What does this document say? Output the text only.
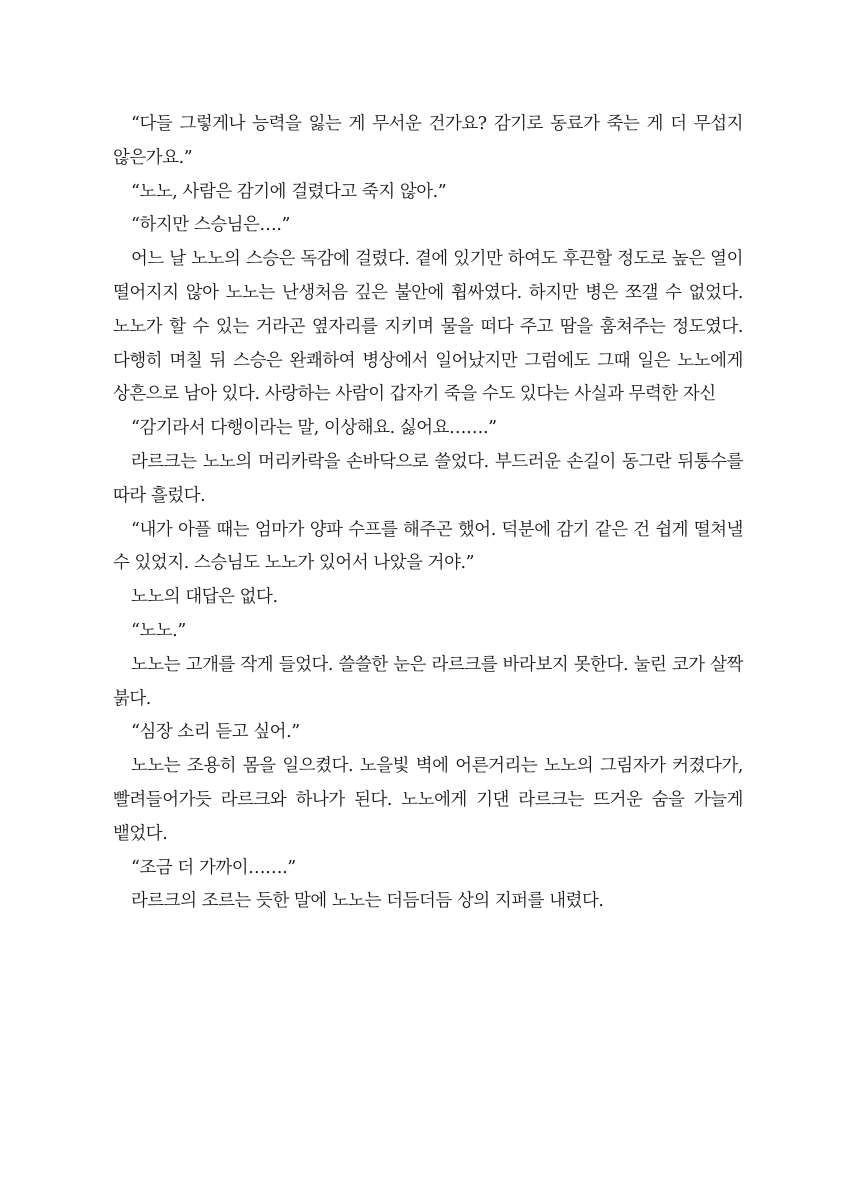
“다들 그렇게나 능력을 잃는 게 무서운 건가요? 감기로 동료가 죽는 게 더 무섭지 않은가요.”

“노노, 사람은 감기에 걸렸다고 죽지 않아.”

“하지만 스승님은….”

어느 날 노노의 스승은 독감에 걸렸다. 곁에 있기만 하여도 후끈할 정도로 높은 열이 떨어지지 않아 노노는 난생처음 깊은 불안에 휩싸였다. 하지만 병은 쪼갤 수 없었다. 노노가 할 수 있는 거라곤 옆자리를 지키며 물을 떠다 주고 땀을 훔쳐주는 정도였다. 다행히 며칠 뒤 스승은 완쾌하여 병상에서 일어났지만 그럼에도 그때 일은 노노에게 상흔으로 남아 있다. 사랑하는 사람이 갑자기 죽을 수도 있다는 사실과 무력한 자신

“감기라서 다행이라는 말, 이상해요. 싫어요…….”

라르크는 노노의 머리카락을 손바닥으로 쓸었다. 부드러운 손길이 동그란 뒤통수를 따라 흘렀다.

“내가 아플 때는 엄마가 양파 수프를 해주곤 했어. 덕분에 감기 같은 건 쉽게 떨쳐낼 수 있었지. 스승님도 노노가 있어서 나았을 거야.”

노노의 대답은 없다.

“노노.”

노노는 고개를 작게 들었다. 쓸쓸한 눈은 라르크를 바라보지 못한다. 눌린 코가 살짝 붉다.

“심장 소리 듣고 싶어.”

노노는 조용히 몸을 일으켰다. 노을빛 벽에 어른거리는 노노의 그림자가 커졌다가, 빨려들어가듯 라르크와 하나가 된다. 노노에게 기댄 라르크는 뜨거운 숨을 가늘게 뱉었다.

“조금 더 가까이…….”

라르크의 조르는 듯한 말에 노노는 더듬더듬 상의 지퍼를 내렸다.
